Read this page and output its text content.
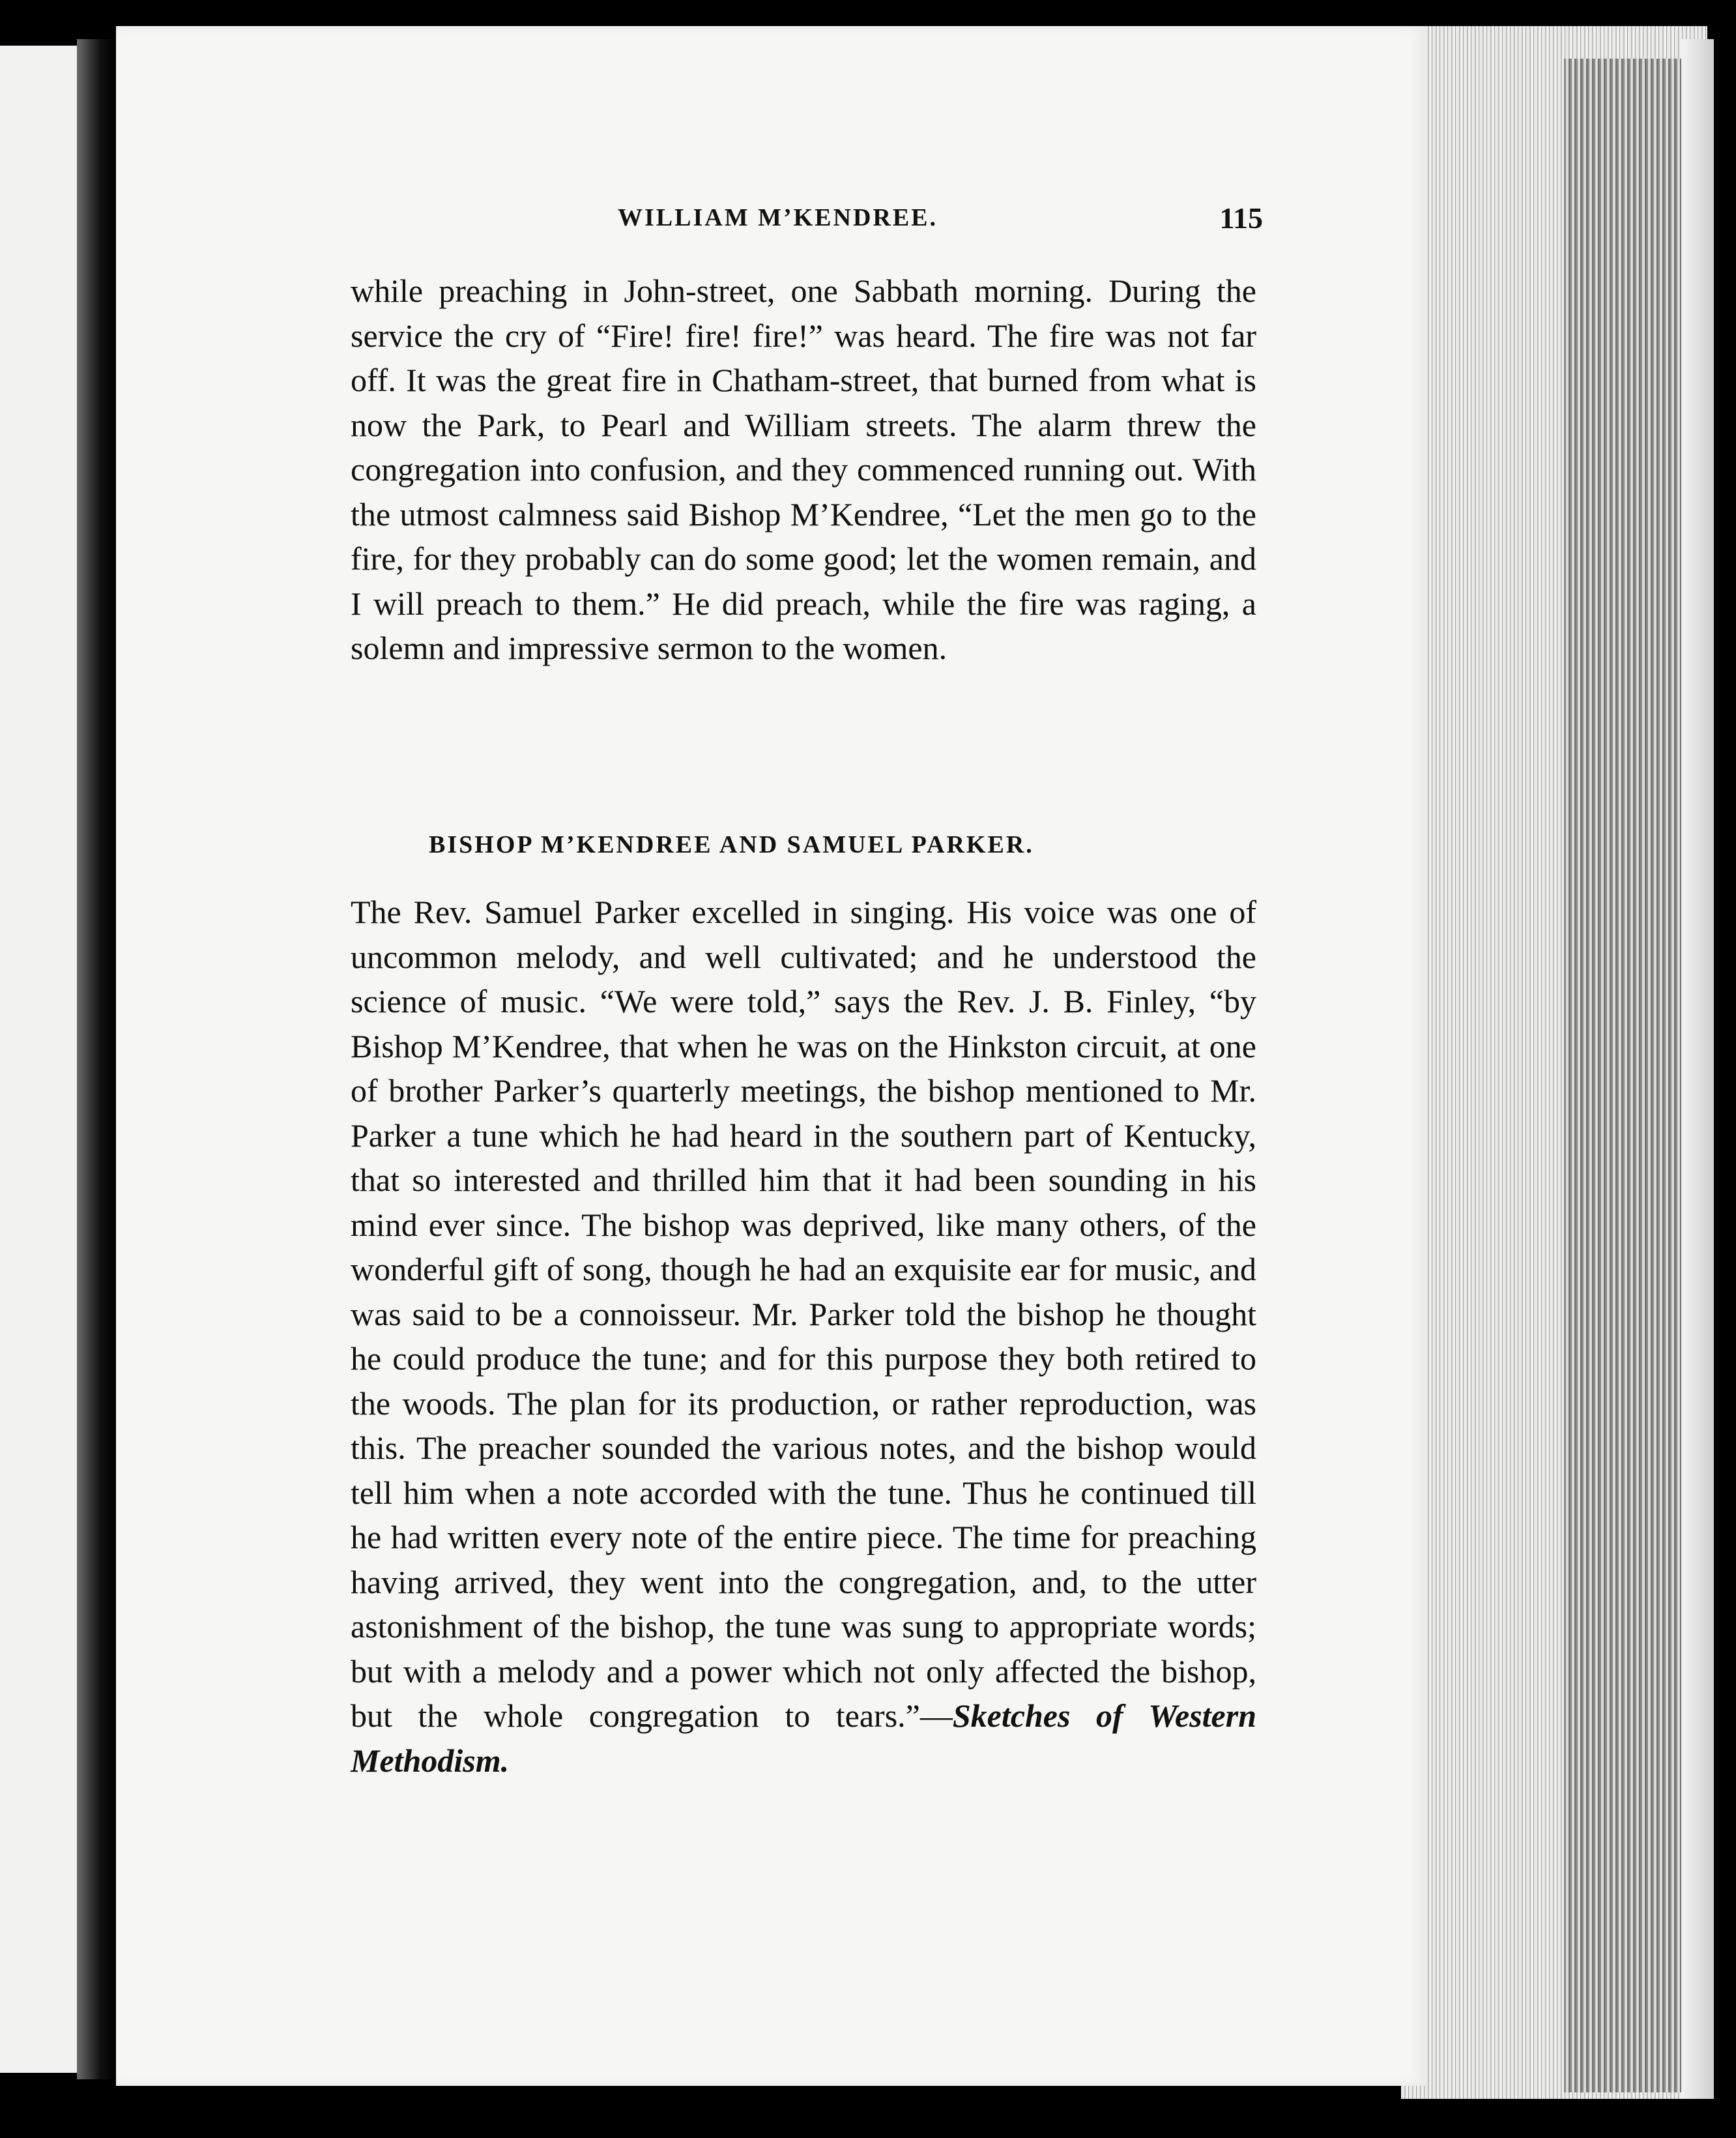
WILLIAM M’KENDREE.	115

while preaching in John-street, one Sabbath morning. During the service the cry of “Fire! fire! fire!” was heard. The fire was not far off. It was the great fire in Chatham-street, that burned from what is now the Park, to Pearl and William streets. The alarm threw the congregation into confusion, and they commenced running out. With the utmost calmness said Bishop M’Kendree, “Let the men go to the fire, for they probably can do some good; let the women remain, and I will preach to them.” He did preach, while the fire was raging, a solemn and impressive sermon to the women.

BISHOP M’KENDREE AND SAMUEL PARKER.

The Rev. Samuel Parker excelled in singing. His voice was one of uncommon melody, and well cultivated; and he understood the science of music. “We were told,” says the Rev. J. B. Finley, “by Bishop M’Kendree, that when he was on the Hinkston circuit, at one of brother Parker’s quarterly meetings, the bishop mentioned to Mr. Parker a tune which he had heard in the southern part of Kentucky, that so interested and thrilled him that it had been sounding in his mind ever since. The bishop was deprived, like many others, of the wonderful gift of song, though he had an exquisite ear for music, and was said to be a connoisseur. Mr. Parker told the bishop he thought he could produce the tune; and for this purpose they both retired to the woods. The plan for its production, or rather reproduction, was this. The preacher sounded the various notes, and the bishop would tell him when a note accorded with the tune. Thus he continued till he had written every note of the entire piece. The time for preaching having arrived, they went into the congregation, and, to the utter astonishment of the bishop, the tune was sung to appropriate words; but with a melody and a power which not only affected the bishop, but the whole congregation to tears.”—Sketches of Western Methodism.
